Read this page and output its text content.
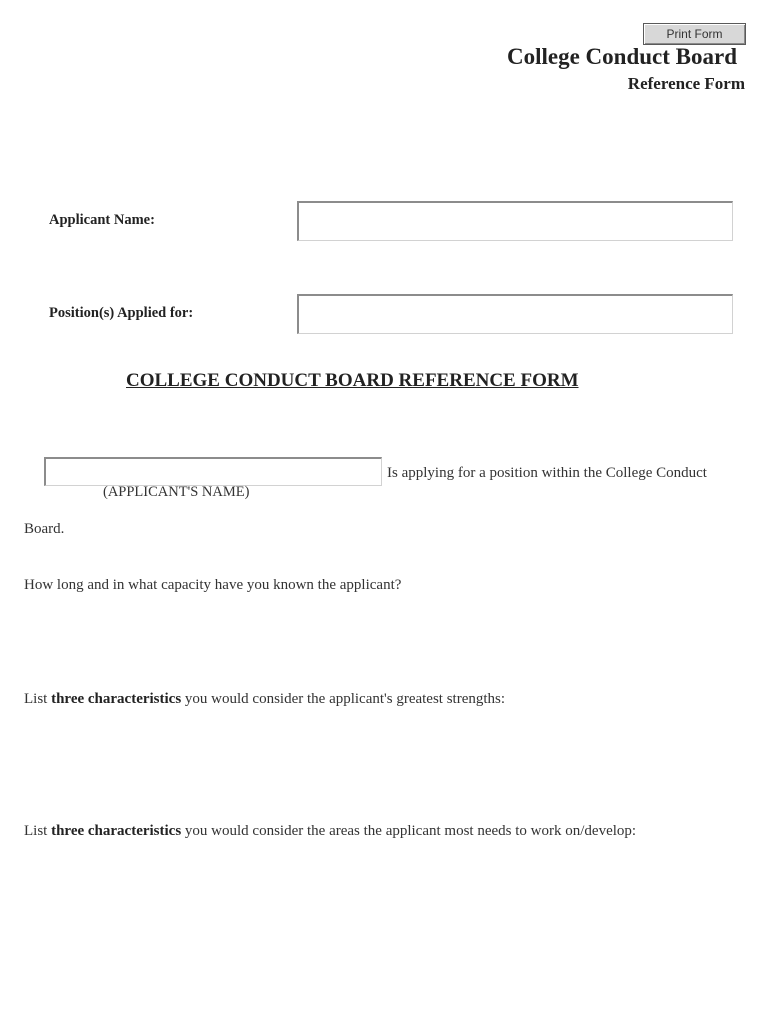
Print Form
College Conduct Board
Reference Form
Applicant Name:
Position(s) Applied for:
COLLEGE CONDUCT BOARD REFERENCE FORM
(APPLICANT'S NAME)
Is applying for a position within the College Conduct
Board.
How long and in what capacity have you known the applicant?
List three characteristics you would consider the applicant's greatest strengths:
List three characteristics you would consider the areas the applicant most needs to work on/develop:
